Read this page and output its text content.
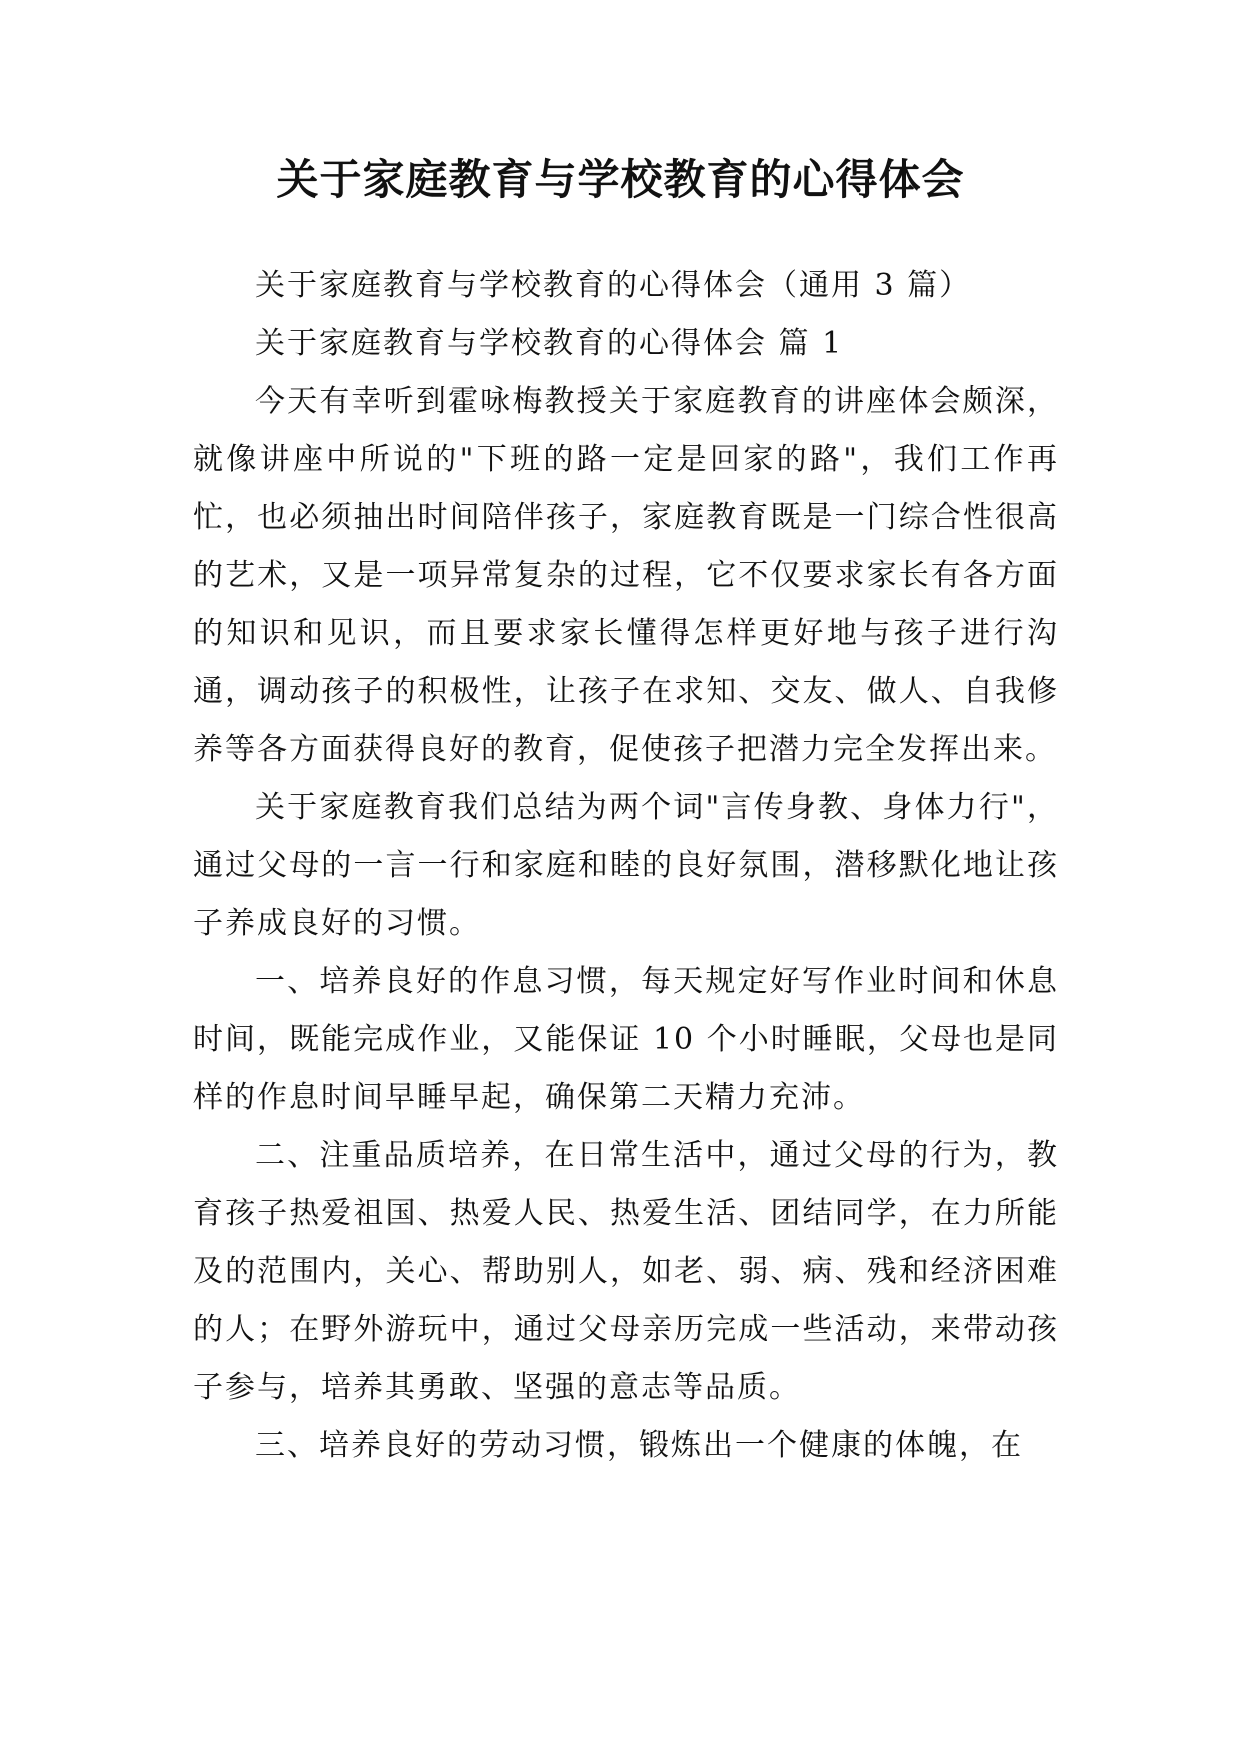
关于家庭教育与学校教育的心得体会

关于家庭教育与学校教育的心得体会（通用 3 篇）

关于家庭教育与学校教育的心得体会 篇 1

今天有幸听到霍咏梅教授关于家庭教育的讲座体会颇深，就像讲座中所说的"下班的路一定是回家的路"，我们工作再忙，也必须抽出时间陪伴孩子，家庭教育既是一门综合性很高的艺术，又是一项异常复杂的过程，它不仅要求家长有各方面的知识和见识，而且要求家长懂得怎样更好地与孩子进行沟通，调动孩子的积极性，让孩子在求知、交友、做人、自我修养等各方面获得良好的教育，促使孩子把潜力完全发挥出来。

关于家庭教育我们总结为两个词"言传身教、身体力行"，通过父母的一言一行和家庭和睦的良好氛围，潜移默化地让孩子养成良好的习惯。

一、培养良好的作息习惯，每天规定好写作业时间和休息时间，既能完成作业，又能保证 10 个小时睡眠，父母也是同样的作息时间早睡早起，确保第二天精力充沛。

二、注重品质培养，在日常生活中，通过父母的行为，教育孩子热爱祖国、热爱人民、热爱生活、团结同学，在力所能及的范围内，关心、帮助别人，如老、弱、病、残和经济困难的人；在野外游玩中，通过父母亲历完成一些活动，来带动孩子参与，培养其勇敢、坚强的意志等品质。

三、培养良好的劳动习惯，锻炼出一个健康的体魄，在
